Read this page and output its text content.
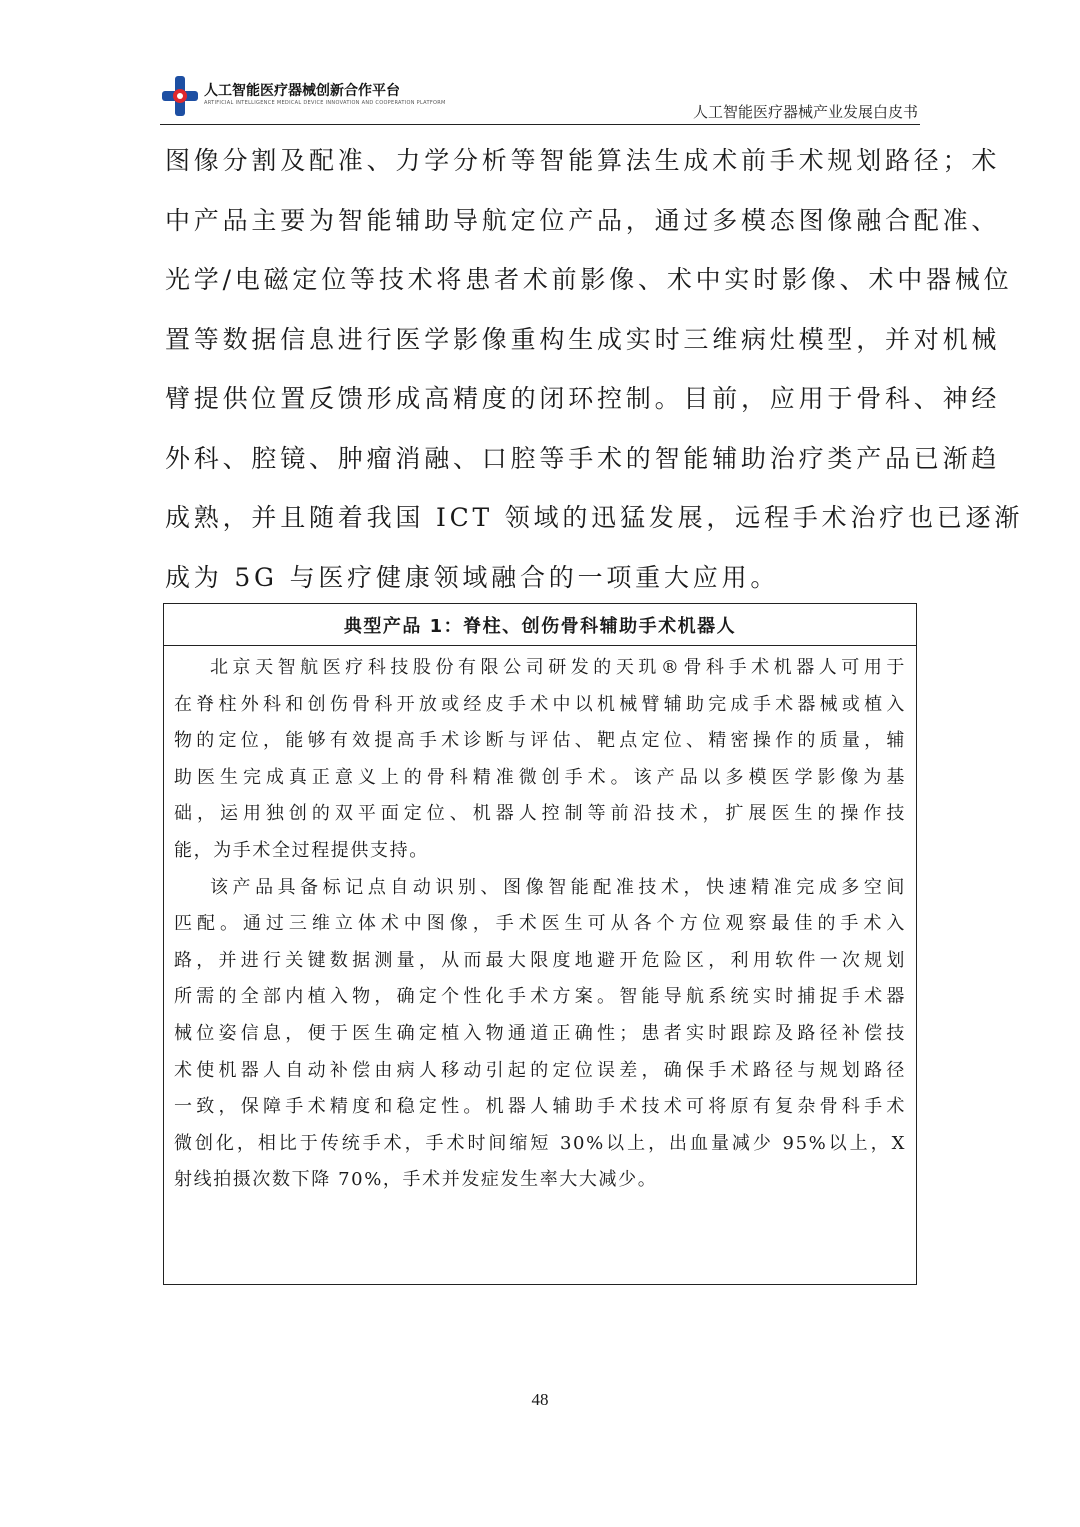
人工智能医疗器械创新合作平台
ARTIFICIAL INTELLIGENCE MEDICAL DEVICE INNOVATION AND COOPERATION PLATFORM	人工智能医疗器械产业发展白皮书
图像分割及配准、力学分析等智能算法生成术前手术规划路径；术
中产品主要为智能辅助导航定位产品，通过多模态图像融合配准、
光学/电磁定位等技术将患者术前影像、术中实时影像、术中器械位
置等数据信息进行医学影像重构生成实时三维病灶模型，并对机械
臂提供位置反馈形成高精度的闭环控制。目前，应用于骨科、神经
外科、腔镜、肿瘤消融、口腔等手术的智能辅助治疗类产品已渐趋
成熟，并且随着我国 ICT 领域的迅猛发展，远程手术治疗也已逐渐
成为 5G 与医疗健康领域融合的一项重大应用。
典型产品 1：脊柱、创伤骨科辅助手术机器人
北京天智航医疗科技股份有限公司研发的天玑®骨科手术机器人可用于
在脊柱外科和创伤骨科开放或经皮手术中以机械臂辅助完成手术器械或植入
物的定位，能够有效提高手术诊断与评估、靶点定位、精密操作的质量，辅
助医生完成真正意义上的骨科精准微创手术。该产品以多模医学影像为基
础，运用独创的双平面定位、机器人控制等前沿技术，扩展医生的操作技
能，为手术全过程提供支持。
该产品具备标记点自动识别、图像智能配准技术，快速精准完成多空间
匹配。通过三维立体术中图像，手术医生可从各个方位观察最佳的手术入
路，并进行关键数据测量，从而最大限度地避开危险区，利用软件一次规划
所需的全部内植入物，确定个性化手术方案。智能导航系统实时捕捉手术器
械位姿信息，便于医生确定植入物通道正确性；患者实时跟踪及路径补偿技
术使机器人自动补偿由病人移动引起的定位误差，确保手术路径与规划路径
一致，保障手术精度和稳定性。机器人辅助手术技术可将原有复杂骨科手术
微创化，相比于传统手术，手术时间缩短 30%以上，出血量减少 95%以上，X
射线拍摄次数下降 70%，手术并发症发生率大大减少。
48
